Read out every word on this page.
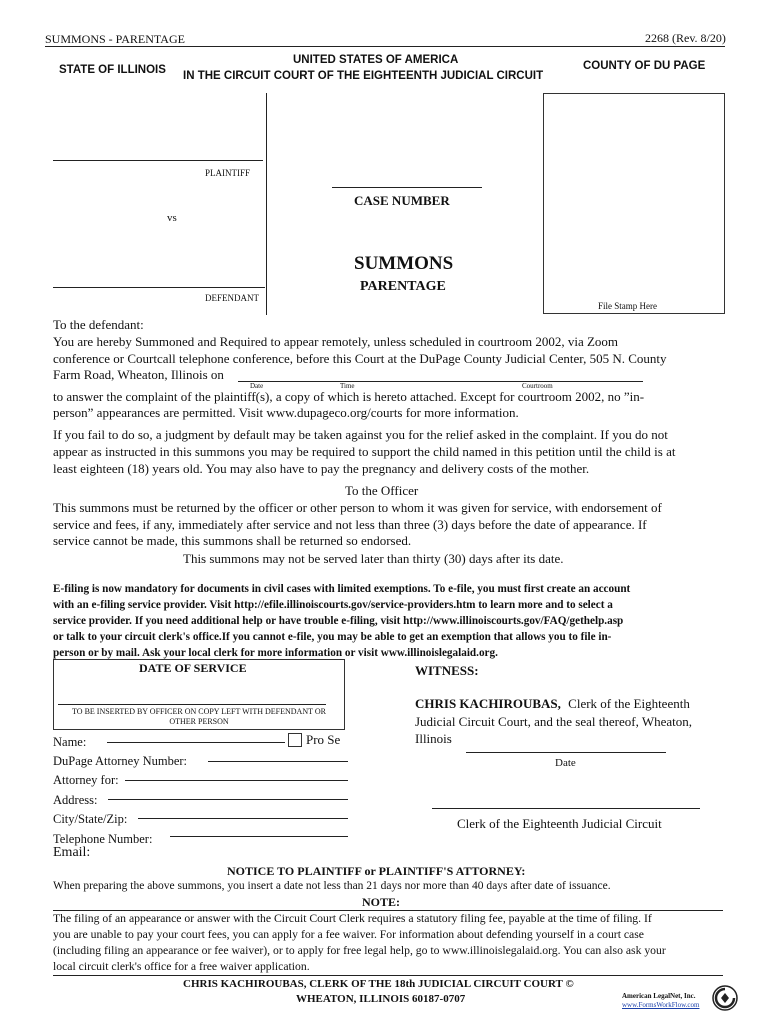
SUMMONS - PARENTAGE	2268 (Rev. 8/20)
UNITED STATES OF AMERICA
STATE OF ILLINOIS IN THE CIRCUIT COURT OF THE EIGHTEENTH JUDICIAL CIRCUIT
COUNTY OF DU PAGE
PLAINTIFF
vs
DEFENDANT
CASE NUMBER
SUMMONS
PARENTAGE
File Stamp Here
To the defendant:
You are hereby Summoned and Required to appear remotely, unless scheduled in courtroom 2002, via Zoom
conference or Courtcall telephone conference, before this Court at the DuPage County Judicial Center, 505 N. County
Farm Road, Wheaton, Illinois on
Date	Time	Courtroom
to answer the complaint of the plaintiff(s), a copy of which is hereto attached. Except for courtroom 2002, no ”in-
person” appearances are permitted. Visit www.dupageco.org/courts for more information.
If you fail to do so, a judgment by default may be taken against you for the relief asked in the complaint. If you do not
appear as instructed in this summons you may be required to support the child named in this petition until the child is at
least eighteen (18) years old. You may also have to pay the pregnancy and delivery costs of the mother.
To the Officer
This summons must be returned by the officer or other person to whom it was given for service, with endorsement of
service and fees, if any, immediately after service and not less than three (3) days before the date of appearance. If
service cannot be made, this summons shall be returned so endorsed.
This summons may not be served later than thirty (30) days after its date.
E-filing is now mandatory for documents in civil cases with limited exemptions. To e-file, you must first create an account
with an e-filing service provider. Visit http://efile.illinoiscourts.gov/service-providers.htm to learn more and to select a
service provider. If you need additional help or have trouble e-filing, visit http://www.illinoiscourts.gov/FAQ/gethelp.asp
or talk to your circuit clerk's office.If you cannot e-file, you may be able to get an exemption that allows you to file in-
person or by mail. Ask your local clerk for more information or visit www.illinoislegalaid.org.
DATE OF SERVICE
TO BE INSERTED BY OFFICER ON COPY LEFT WITH DEFENDANT OR
OTHER PERSON
WITNESS:
CHRIS KACHIROUBAS, Clerk of the Eighteenth
Judicial Circuit Court, and the seal thereof, Wheaton,
Illinois
Date
Clerk of the Eighteenth Judicial Circuit
Name:	Pro Se
DuPage Attorney Number:
Attorney for:
Address:
City/State/Zip:
Telephone Number:
Email:
NOTICE TO PLAINTIFF or PLAINTIFF'S ATTORNEY:
When preparing the above summons, you insert a date not less than 21 days nor more than 40 days after date of issuance.
NOTE:
The filing of an appearance or answer with the Circuit Court Clerk requires a statutory filing fee, payable at the time of filing. If
you are unable to pay your court fees, you can apply for a fee waiver. For information about defending yourself in a court case
(including filing an appearance or fee waiver), or to apply for free legal help, go to www.illinoislegalaid.org. You can also ask your
local circuit clerk's office for a free waiver application.
CHRIS KACHIROUBAS, CLERK OF THE 18th JUDICIAL CIRCUIT COURT ©
WHEATON, ILLINOIS 60187-0707	American LegalNet, Inc.
www.FormsWorkFlow.com
